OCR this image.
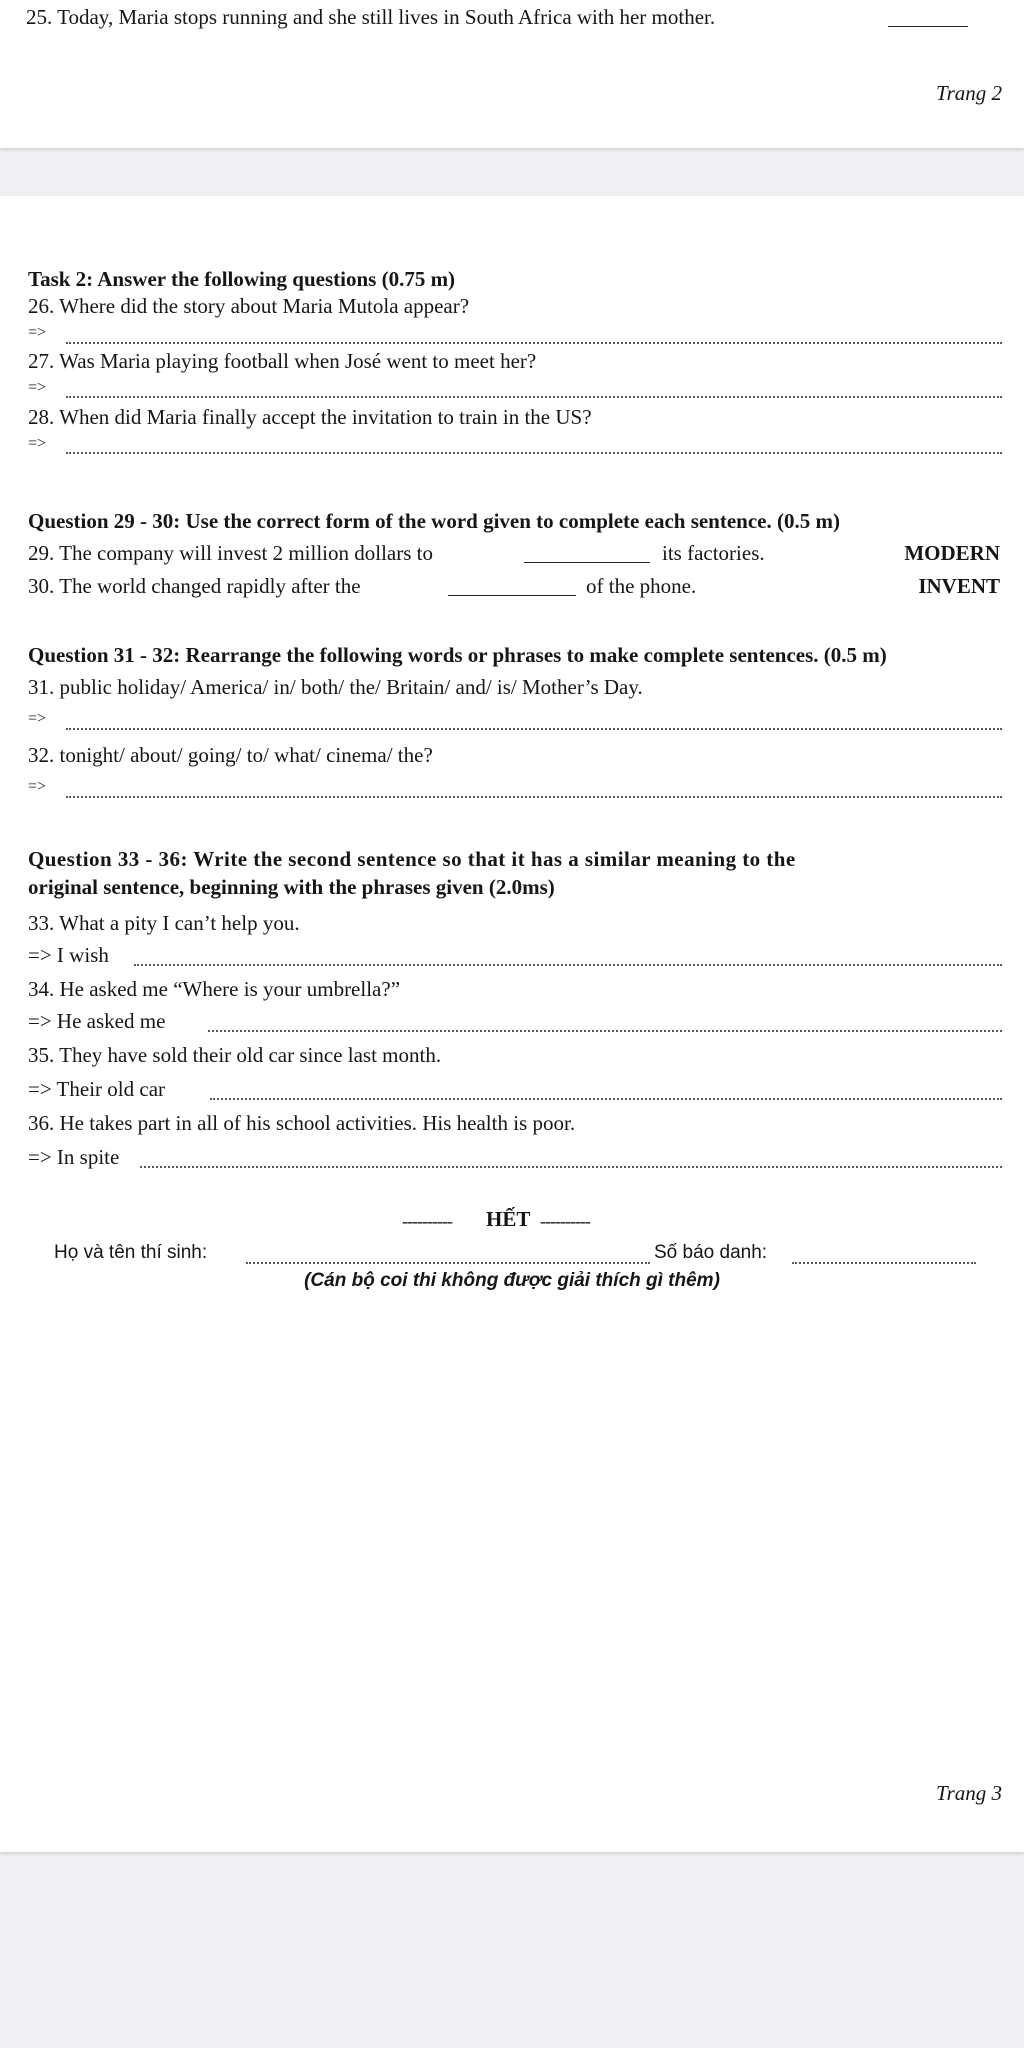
25. Today, Maria stops running and she still lives in South Africa with her mother.
Trang 2
Task 2: Answer the following questions (0.75 m)
26. Where did the story about Maria Mutola appear?
=>
27. Was Maria playing football when José went to meet her?
=>
28. When did Maria finally accept the invitation to train in the US?
=>
Question 29 - 30: Use the correct form of the word given to complete each sentence. (0.5 m)
29. The company will invest 2 million dollars to	its factories.	MODERN
30. The world changed rapidly after the	of the phone.	INVENT
Question 31 - 32: Rearrange the following words or phrases to make complete sentences. (0.5 m)
31. public holiday/ America/ in/ both/ the/ Britain/ and/ is/ Mother’s Day.
=>
32. tonight/ about/ going/ to/ what/ cinema/ the?
=>
Question 33 - 36: Write the second sentence so that it has a similar meaning to the
original sentence, beginning with the phrases given (2.0ms)
33. What a pity I can’t help you.
=> I wish
34. He asked me “Where is your umbrella?”
=> He asked me
35. They have sold their old car since last month.
=> Their old car
36. He takes part in all of his school activities. His health is poor.
=> In spite
---------- HẾT ----------
Họ và tên thí sinh:	Số báo danh:
(Cán bộ coi thi không được giải thích gì thêm)
Trang 3
